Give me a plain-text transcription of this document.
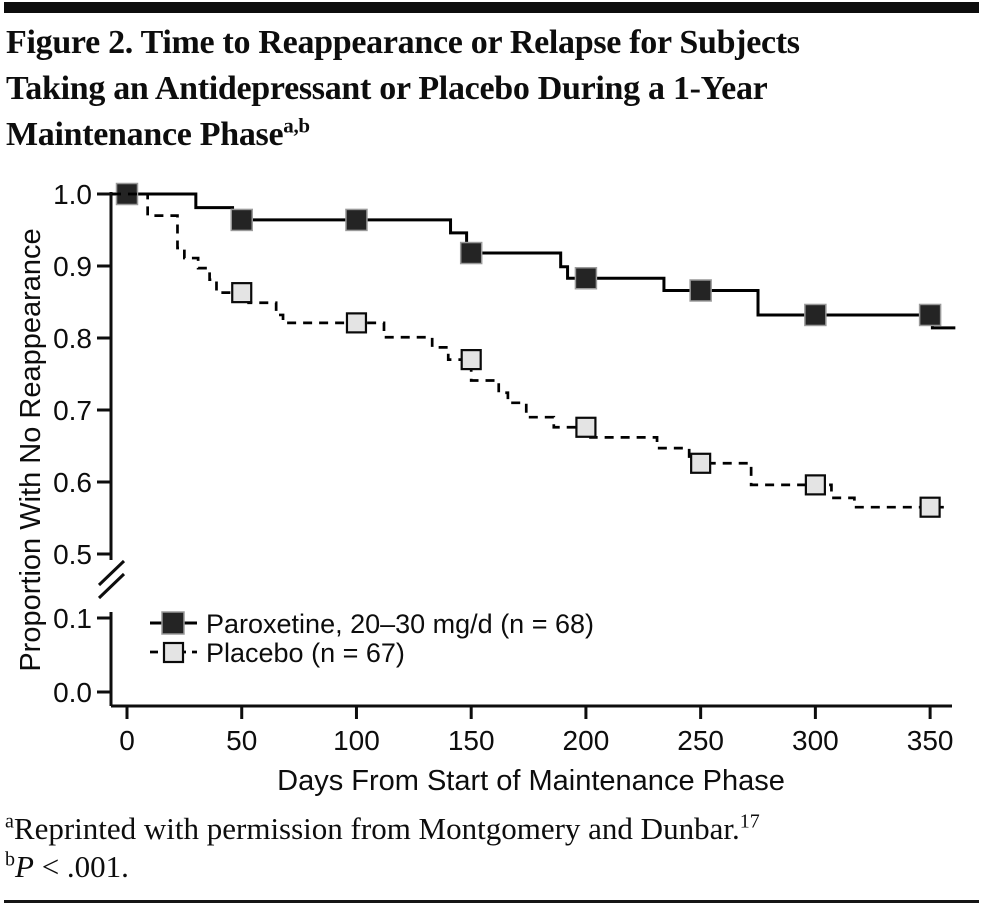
Figure 2. Time to Reappearance or Relapse for Subjects
Taking an Antidepressant or Placebo During a 1-Year
Maintenance Phase$^{a,b}$
1.0
0.9
0.8
0.7
0.6
0.5
0.1
0.0
0	50	100 150 200 250 300 350
Paroxetine, 20–30 mg/d (n = 68)
Placebo (n = 67)
Proportion With No Reappearance
Days From Start of Maintenance Phase

$^a$Reprinted with permission from Montgomery and Dunbar.$^{17}$

$^b$P < .001.
